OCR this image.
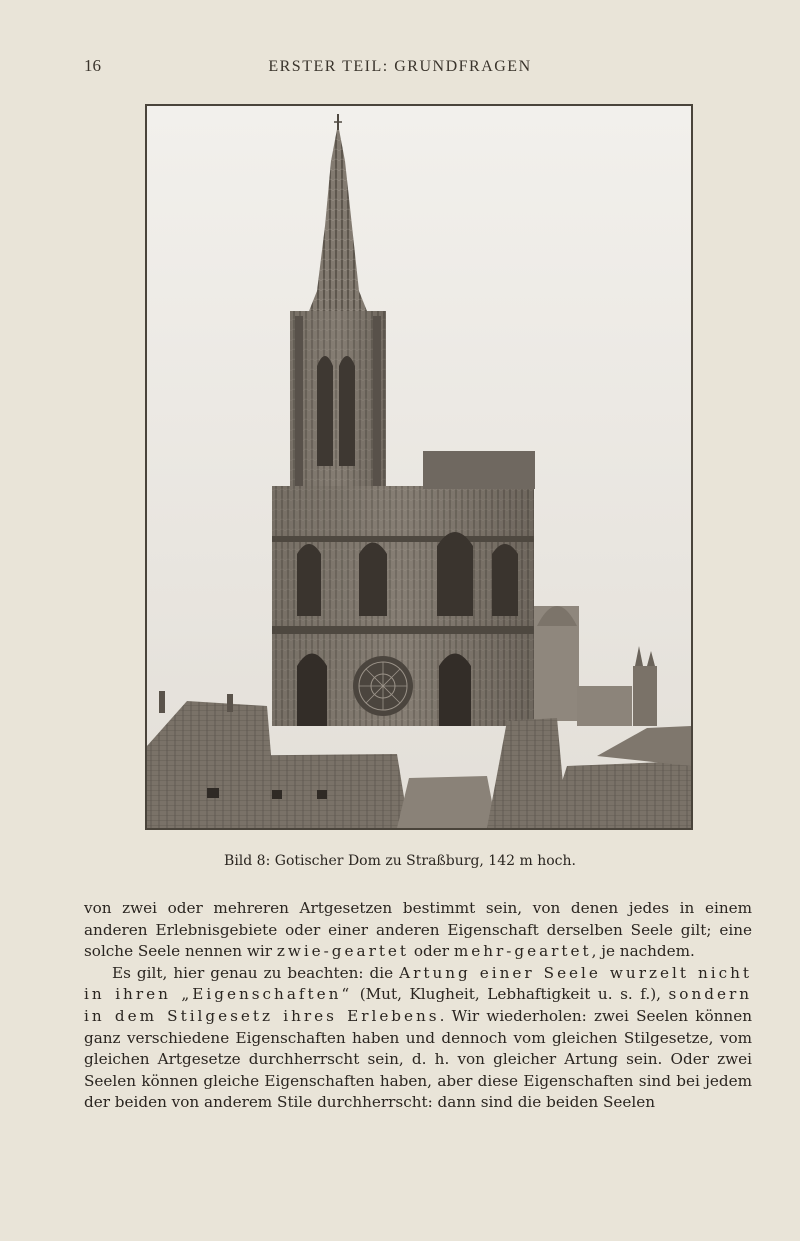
16	ERSTER TEIL: GRUNDFRAGEN
Bild 8: Gotischer Dom zu Straßburg, 142 m hoch.

von zwei oder mehreren Artgesetzen bestimmt sein, von denen jedes in einem anderen Erlebnisgebiete oder einer anderen Eigenschaft derselben Seele gilt; eine solche Seele nennen wir zwie-geartet oder mehr-geartet, je nachdem.

Es gilt, hier genau zu beachten: die Artung einer Seele wurzelt nicht in ihren „Eigenschaften“ (Mut, Klugheit, Lebhaftigkeit u. s. f.), sondern in dem Stilgesetz ihres Erlebens. Wir wiederholen: zwei Seelen können ganz verschiedene Eigenschaften haben und dennoch vom gleichen Stilgesetze, vom gleichen Artgesetze durchherrscht sein, d. h. von gleicher Artung sein. Oder zwei Seelen können gleiche Eigenschaften haben, aber diese Eigenschaften sind bei jedem der beiden von anderem Stile durchherrscht: dann sind die beiden Seelen
